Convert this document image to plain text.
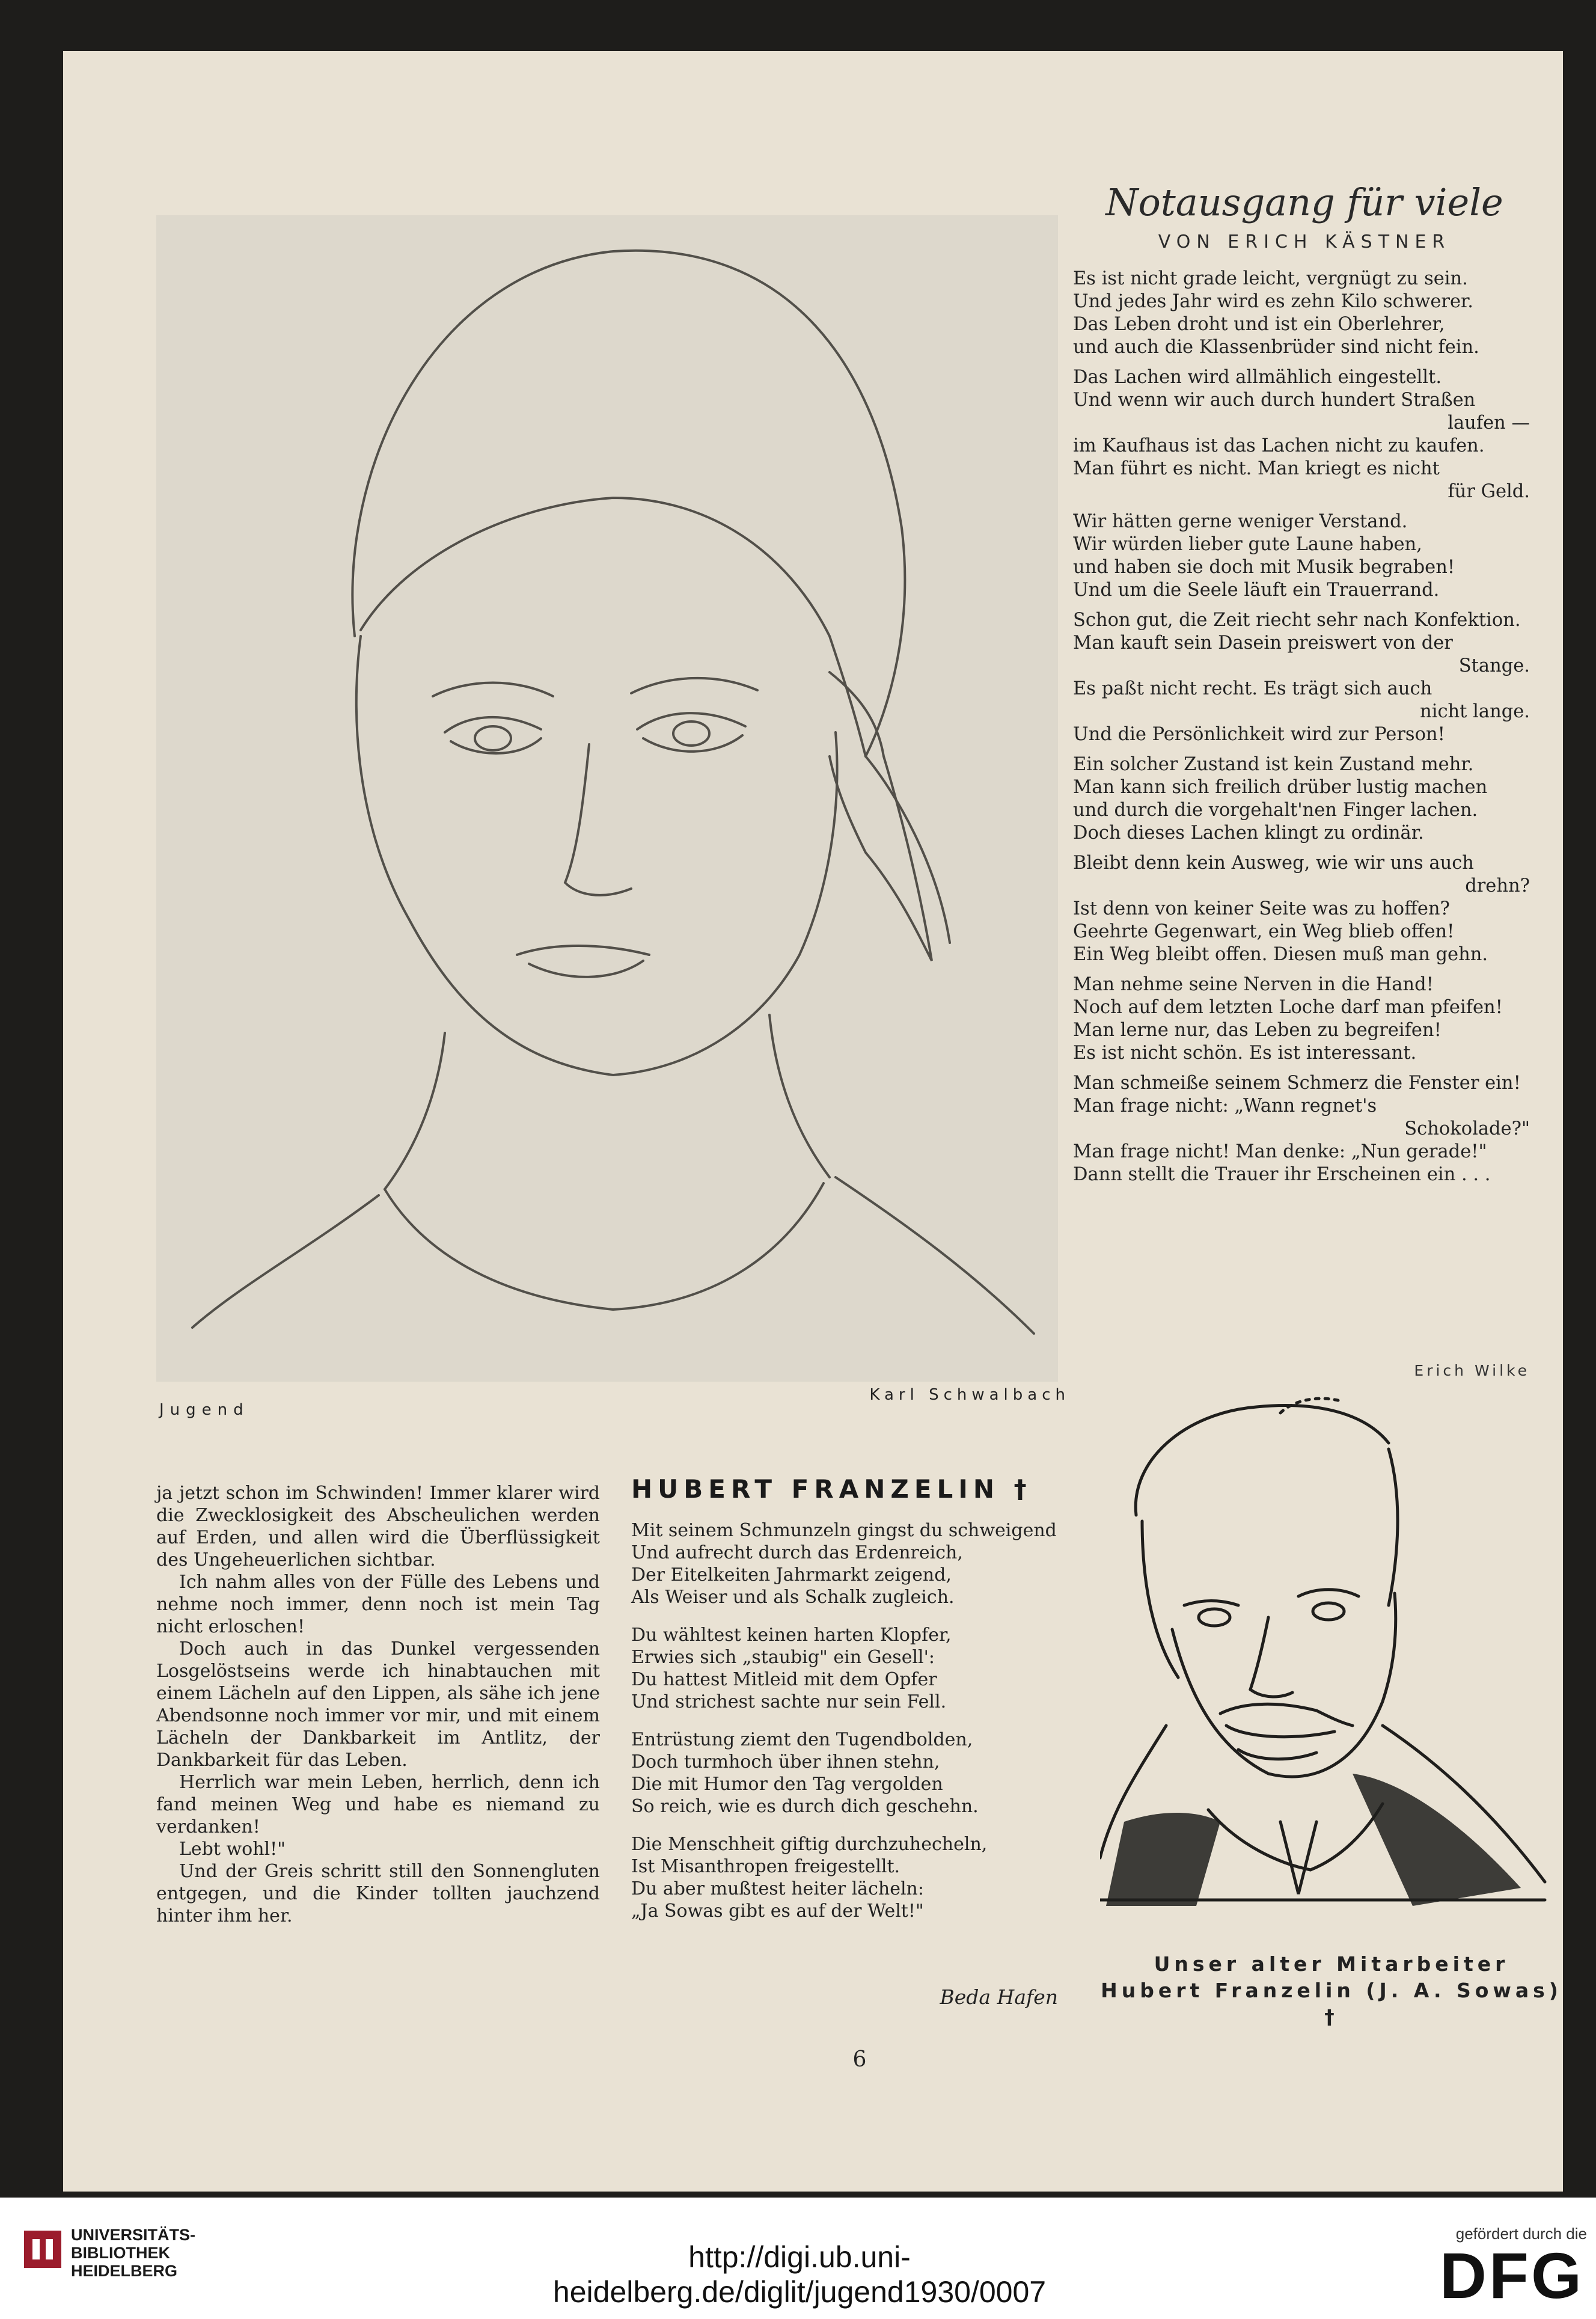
Jugend
Karl Schwalbach
Notausgang für viele
VON ERICH KÄSTNER
Es ist nicht grade leicht, vergnügt zu sein.
Und jedes Jahr wird es zehn Kilo schwerer.
Das Leben droht und ist ein Oberlehrer,
und auch die Klassenbrüder sind nicht fein.
Das Lachen wird allmählich eingestellt.
Und wenn wir auch durch hundert Straßen
laufen —
im Kaufhaus ist das Lachen nicht zu kaufen.
Man führt es nicht. Man kriegt es nicht
für Geld.
Wir hätten gerne weniger Verstand.
Wir würden lieber gute Laune haben,
und haben sie doch mit Musik begraben!
Und um die Seele läuft ein Trauerrand.
Schon gut, die Zeit riecht sehr nach Konfektion.
Man kauft sein Dasein preiswert von der
Stange.
Es paßt nicht recht. Es trägt sich auch
nicht lange.
Und die Persönlichkeit wird zur Person!
Ein solcher Zustand ist kein Zustand mehr.
Man kann sich freilich drüber lustig machen
und durch die vorgehalt'nen Finger lachen.
Doch dieses Lachen klingt zu ordinär.
Bleibt denn kein Ausweg, wie wir uns auch
drehn?
Ist denn von keiner Seite was zu hoffen?
Geehrte Gegenwart, ein Weg blieb offen!
Ein Weg bleibt offen. Diesen muß man gehn.
Man nehme seine Nerven in die Hand!
Noch auf dem letzten Loche darf man pfeifen!
Man lerne nur, das Leben zu begreifen!
Es ist nicht schön. Es ist interessant.
Man schmeiße seinem Schmerz die Fenster ein!
Man frage nicht: „Wann regnet's
Schokolade?"
Man frage nicht! Man denke: „Nun gerade!"
Dann stellt die Trauer ihr Erscheinen ein . . .
Erich Wilke

ja jetzt schon im Schwinden! Immer klarer wird die Zwecklosigkeit des Abscheulichen werden auf Erden, und allen wird die Überflüssigkeit des Ungeheuerlichen sichtbar.

Ich nahm alles von der Fülle des Lebens und nehme noch immer, denn noch ist mein Tag nicht erloschen!

Doch auch in das Dunkel vergessenden Losgelöstseins werde ich hinabtauchen mit einem Lächeln auf den Lippen, als sähe ich jene Abendsonne noch immer vor mir, und mit einem Lächeln der Dankbarkeit im Antlitz, der Dankbarkeit für das Leben.

Herrlich war mein Leben, herrlich, denn ich fand meinen Weg und habe es niemand zu verdanken!

Lebt wohl!"

Und der Greis schritt still den Sonnengluten entgegen, und die Kinder tollten jauchzend hinter ihm her.

HUBERT FRANZELIN †
Mit seinem Schmunzeln gingst du schweigend
Und aufrecht durch das Erdenreich,
Der Eitelkeiten Jahrmarkt zeigend,
Als Weiser und als Schalk zugleich.
Du wähltest keinen harten Klopfer,
Erwies sich „staubig" ein Gesell':
Du hattest Mitleid mit dem Opfer
Und strichest sachte nur sein Fell.
Entrüstung ziemt den Tugendbolden,
Doch turmhoch über ihnen stehn,
Die mit Humor den Tag vergolden
So reich, wie es durch dich geschehn.
Die Menschheit giftig durchzuhecheln,
Ist Misanthropen freigestellt.
Du aber mußtest heiter lächeln:
„Ja Sowas gibt es auf der Welt!"
Beda Hafen
Unser alter Mitarbeiter
Hubert Franzelin (J. A. Sowas) †
6
UNIVERSITÄTS-
BIBLIOTHEK
HEIDELBERG	http://digi.ub.uni-heidelberg.de/diglit/jugend1930/0007
gefördert durch die
DFG
